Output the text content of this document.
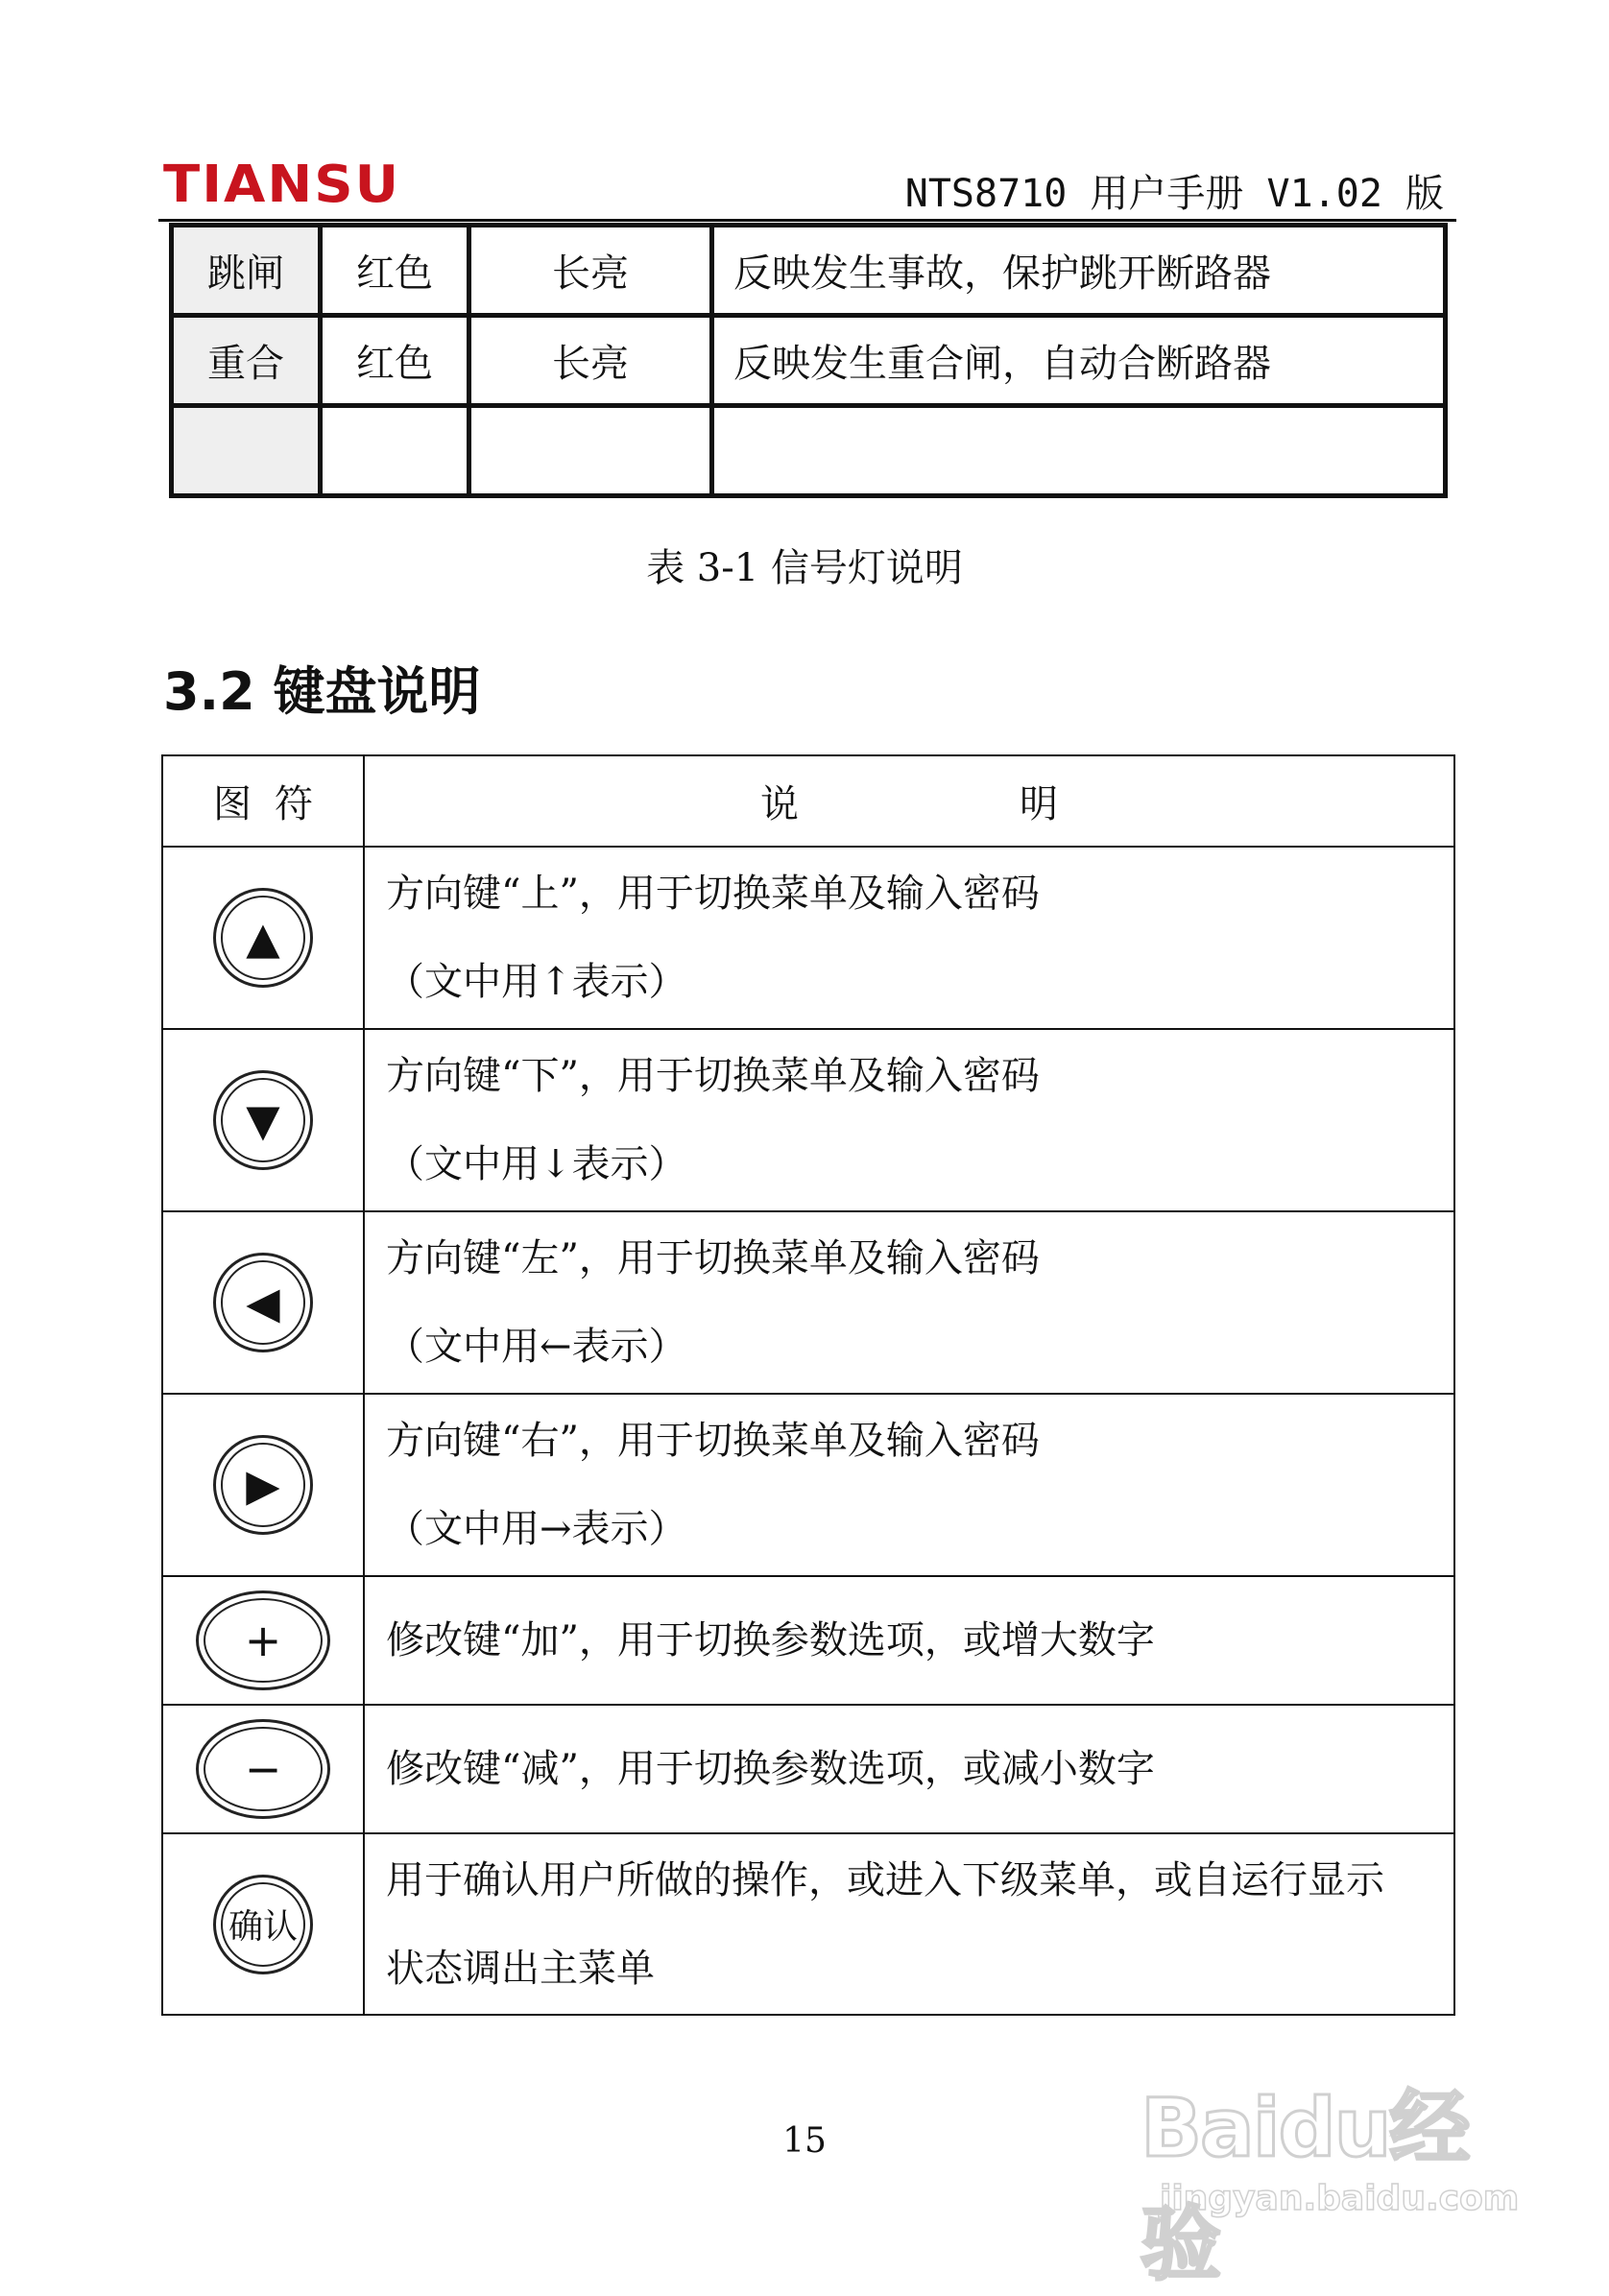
TIANSU	NTS8710 用户手册 V1.02 版
跳闸	红色	长亮	反映发生事故，保护跳开断路器
重合	红色	长亮	反映发生重合闸，自动合断路器

表 3-1 信号灯说明
3.2 键盘说明
图 符	说 明

▲	方向键“上”，用于切换菜单及输入密码
（文中用↑表示）

▼	方向键“下”，用于切换菜单及输入密码
（文中用↓表示）

◀	方向键“左”，用于切换菜单及输入密码
（文中用←表示）

▶	方向键“右”，用于切换菜单及输入密码
（文中用→表示）

+	修改键“加”，用于切换参数选项，或增大数字

−	修改键“减”，用于切换参数选项，或减小数字

确认	用于确认用户所做的操作，或进入下级菜单，或自运行显示
状态调出主菜单
15	Baidu经验
jingyan.baidu.com
